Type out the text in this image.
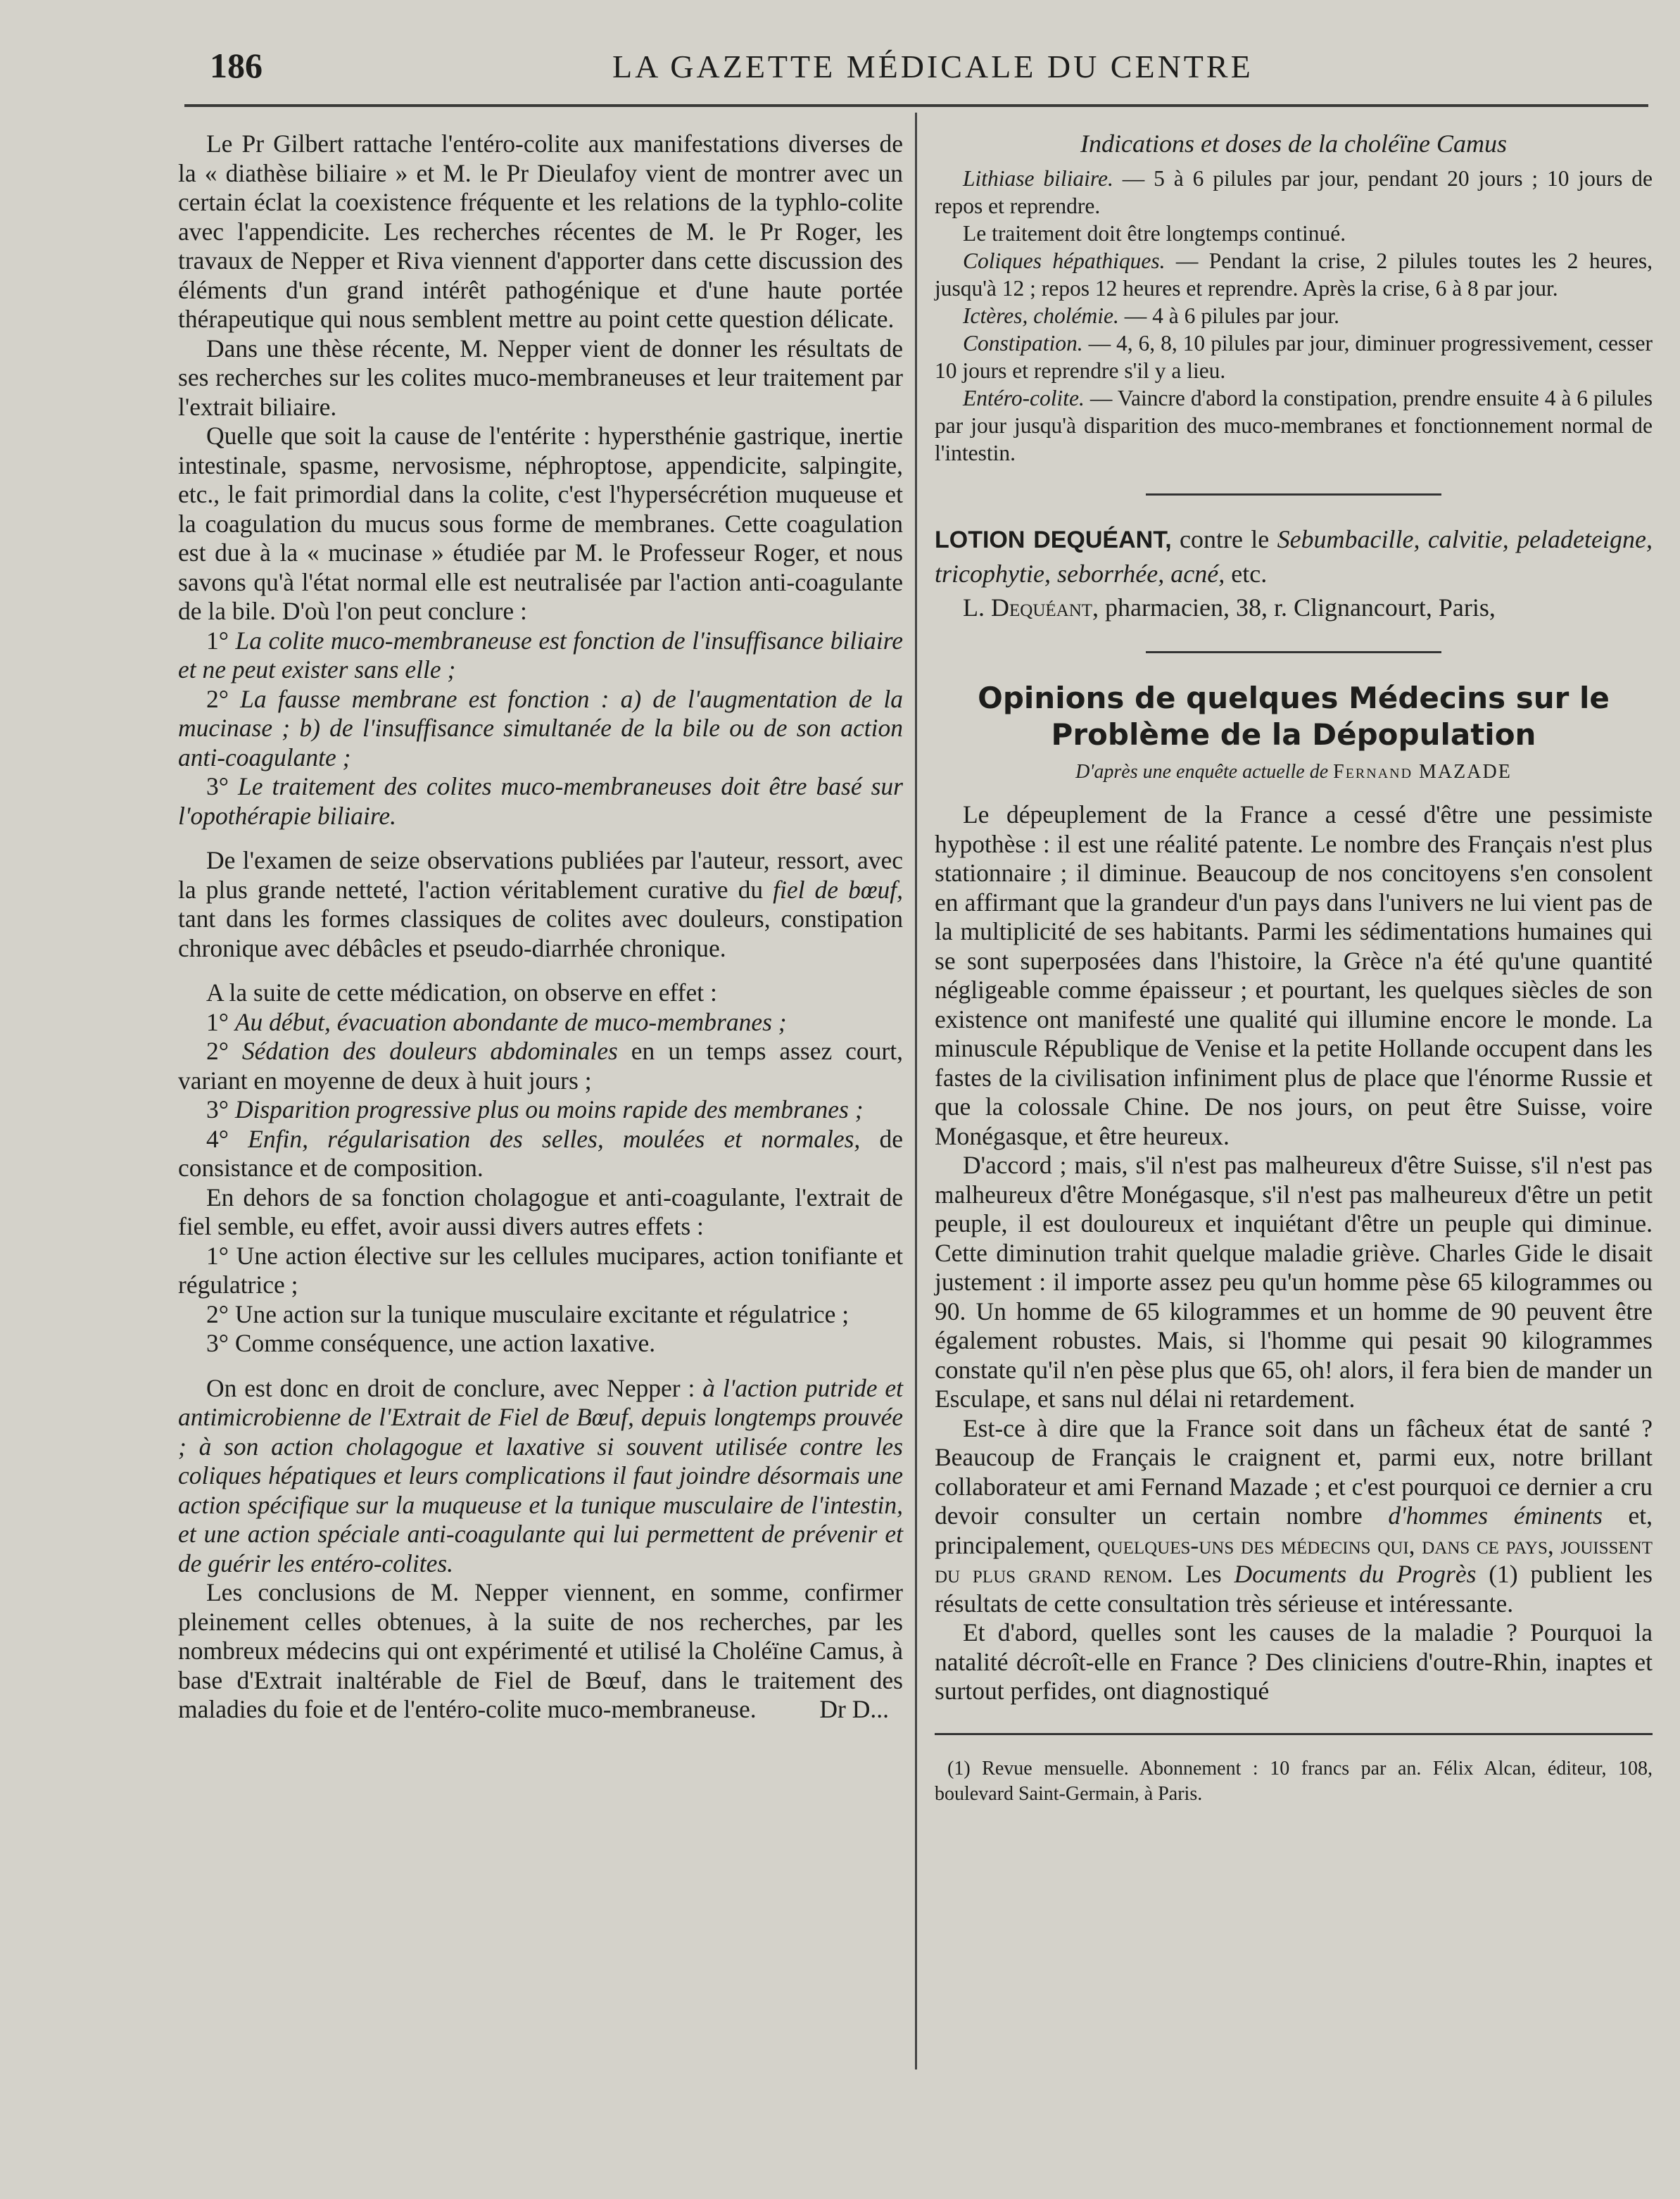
186	LA GAZETTE MÉDICALE DU CENTRE

Le Pr Gilbert rattache l'entéro-colite aux manifestations diverses de la « diathèse biliaire » et M. le Pr Dieulafoy vient de montrer avec un certain éclat la coexistence fréquente et les relations de la typhlo-colite avec l'appendicite. Les recherches récentes de M. le Pr Roger, les travaux de Nepper et Riva viennent d'apporter dans cette discussion des éléments d'un grand intérêt pathogénique et d'une haute portée thérapeutique qui nous semblent mettre au point cette question délicate.

Dans une thèse récente, M. Nepper vient de donner les résultats de ses recherches sur les colites muco-membraneuses et leur traitement par l'extrait biliaire.

Quelle que soit la cause de l'entérite : hypersthénie gastrique, inertie intestinale, spasme, nervosisme, néphroptose, appendicite, salpingite, etc., le fait primordial dans la colite, c'est l'hypersécrétion muqueuse et la coagulation du mucus sous forme de membranes. Cette coagulation est due à la « mucinase » étudiée par M. le Professeur Roger, et nous savons qu'à l'état normal elle est neutralisée par l'action anti-coagulante de la bile. D'où l'on peut conclure :

1° La colite muco-membraneuse est fonction de l'insuffisance biliaire et ne peut exister sans elle ;

2° La fausse membrane est fonction : a) de l'augmentation de la mucinase ; b) de l'insuffisance simultanée de la bile ou de son action anti-coagulante ;

3° Le traitement des colites muco-membraneuses doit être basé sur l'opothérapie biliaire.

De l'examen de seize observations publiées par l'auteur, ressort, avec la plus grande netteté, l'action véritablement curative du fiel de bœuf, tant dans les formes classiques de colites avec douleurs, constipation chronique avec débâcles et pseudo-diarrhée chronique.

A la suite de cette médication, on observe en effet :

1° Au début, évacuation abondante de muco-membranes ;

2° Sédation des douleurs abdominales en un temps assez court, variant en moyenne de deux à huit jours ;

3° Disparition progressive plus ou moins rapide des membranes ;

4° Enfin, régularisation des selles, moulées et normales, de consistance et de composition.

En dehors de sa fonction cholagogue et anti-coagulante, l'extrait de fiel semble, eu effet, avoir aussi divers autres effets :

1° Une action élective sur les cellules mucipares, action tonifiante et régulatrice ;

2° Une action sur la tunique musculaire excitante et régulatrice ;

3° Comme conséquence, une action laxative.

On est donc en droit de conclure, avec Nepper : à l'action putride et antimicrobienne de l'Extrait de Fiel de Bœuf, depuis longtemps prouvée ; à son action cholagogue et laxative si souvent utilisée contre les coliques hépatiques et leurs complications il faut joindre désormais une action spécifique sur la muqueuse et la tunique musculaire de l'intestin, et une action spéciale anti-coagulante qui lui permettent de prévenir et de guérir les entéro-colites.

Les conclusions de M. Nepper viennent, en somme, confirmer pleinement celles obtenues, à la suite de nos recherches, par les nombreux médecins qui ont expérimenté et utilisé la Choléïne Camus, à base d'Extrait inaltérable de Fiel de Bœuf, dans le traitement des maladies du foie et de l'entéro-colite muco-membraneuse.	Dr D...

Indications et doses de la choléïne Camus

Lithiase biliaire. — 5 à 6 pilules par jour, pendant 20 jours ; 10 jours de repos et reprendre.

Le traitement doit être longtemps continué.

Coliques hépathiques. — Pendant la crise, 2 pilules toutes les 2 heures, jusqu'à 12 ; repos 12 heures et reprendre. Après la crise, 6 à 8 par jour.

Ictères, cholémie. — 4 à 6 pilules par jour.

Constipation. — 4, 6, 8, 10 pilules par jour, diminuer progressivement, cesser 10 jours et reprendre s'il y a lieu.

Entéro-colite. — Vaincre d'abord la constipation, prendre ensuite 4 à 6 pilules par jour jusqu'à disparition des muco-membranes et fonctionnement normal de l'intestin.

LOTION DEQUÉANT, contre le Sebumbacille, calvitie, peladeteigne, tricophytie, seborrhée, acné, etc.

L. Dequéant, pharmacien, 38, r. Clignancourt, Paris,

Opinions de quelques Médecins sur le

Problème de la Dépopulation

D'après une enquête actuelle de Fernand MAZADE

Le dépeuplement de la France a cessé d'être une pessimiste hypothèse : il est une réalité patente. Le nombre des Français n'est plus stationnaire ; il diminue. Beaucoup de nos concitoyens s'en consolent en affirmant que la grandeur d'un pays dans l'univers ne lui vient pas de la multiplicité de ses habitants. Parmi les sédimentations humaines qui se sont superposées dans l'histoire, la Grèce n'a été qu'une quantité négligeable comme épaisseur ; et pourtant, les quelques siècles de son existence ont manifesté une qualité qui illumine encore le monde. La minuscule République de Venise et la petite Hollande occupent dans les fastes de la civilisation infiniment plus de place que l'énorme Russie et que la colossale Chine. De nos jours, on peut être Suisse, voire Monégasque, et être heureux.

D'accord ; mais, s'il n'est pas malheureux d'être Suisse, s'il n'est pas malheureux d'être Monégasque, s'il n'est pas malheureux d'être un petit peuple, il est douloureux et inquiétant d'être un peuple qui diminue. Cette diminution trahit quelque maladie grièvе. Charles Gide le disait justement : il importe assez peu qu'un homme pèse 65 kilogrammes ou 90. Un homme de 65 kilogrammes et un homme de 90 peuvent être également robustes. Mais, si l'homme qui pesait 90 kilogrammes constate qu'il n'en pèse plus que 65, oh! alors, il fera bien de mander un Esculape, et sans nul délai ni retardement.

Est-ce à dire que la France soit dans un fâcheux état de santé ? Beaucoup de Français le craignent et, parmi eux, notre brillant collaborateur et ami Fernand Mazade ; et c'est pourquoi ce dernier a cru devoir consulter un certain nombre d'hommes éminents et, principalement, quelques-uns des médecins qui, dans ce pays, jouissent du plus grand renom. Les Documents du Progrès (1) publient les résultats de cette consultation très sérieuse et intéressante.

Et d'abord, quelles sont les causes de la maladie ? Pourquoi la natalité décroît-elle en France ? Des cliniciens d'outre-Rhin, inaptes et surtout perfides, ont diagnostiqué

(1) Revue mensuelle. Abonnement : 10 francs par an. Félix Alcan, éditeur, 108, boulevard Saint-Germain, à Paris.
